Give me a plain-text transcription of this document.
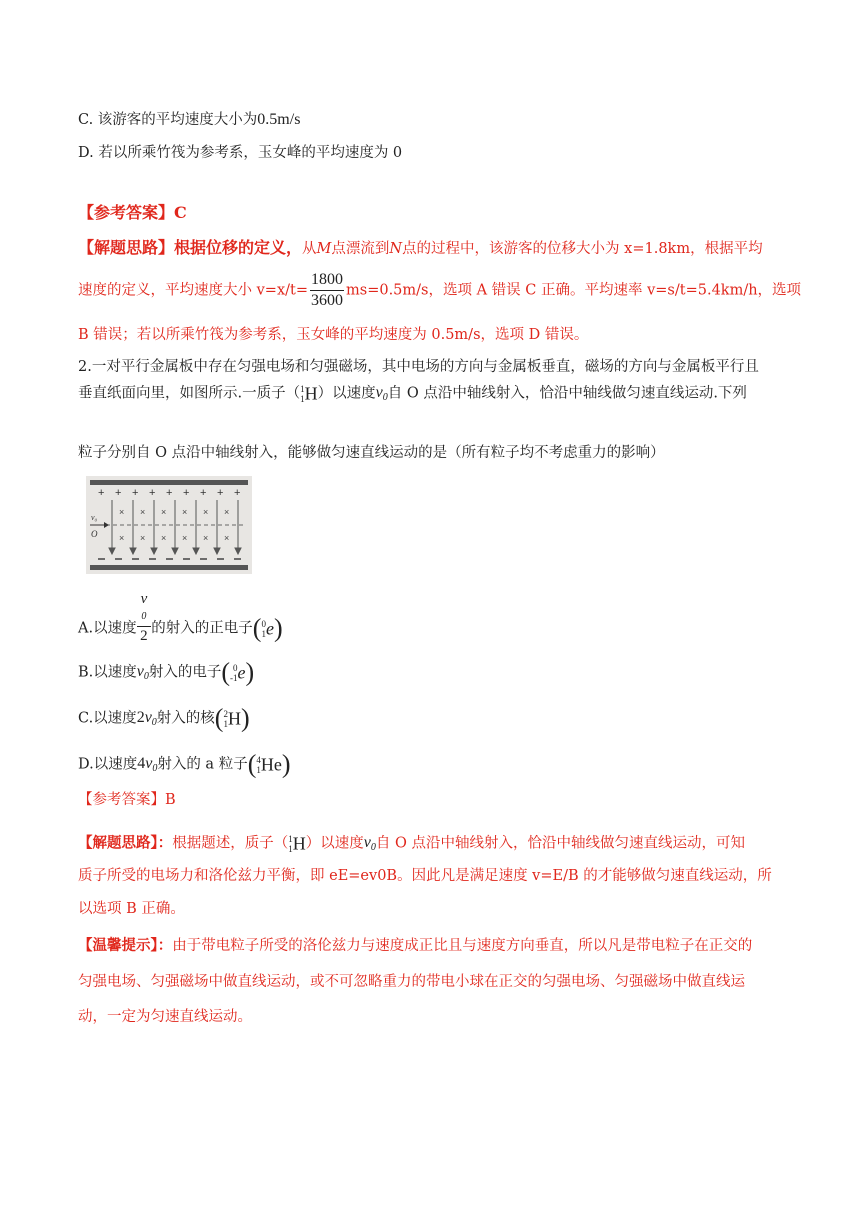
C. 该游客的平均速度大小为0.5m/s
D. 若以所乘竹筏为参考系，玉女峰的平均速度为 0
【参考答案】C
【解题思路】根据位移的定义，从M点漂流到N点的过程中，该游客的位移大小为 x=1.8km，根据平均
速度的定义，平均速度大小 $v=x/t= \frac{1800}{3600} ms=0.5m/s$，选项 A 错误 C 正确。平均速率 v=s/t=5.4km/h，选项
B 错误；若以所乘竹筏为参考系，玉女峰的平均速度为 0.5m/s，选项 D 错误。
2.一对平行金属板中存在匀强电场和匀强磁场，其中电场的方向与金属板垂直，磁场的方向与金属板平行且
垂直纸面向里，如图所示.一质子（1
1H）以速度$v_0$自 O 点沿中轴线射入，恰沿中轴线做匀速直线运动.下列
粒子分别自 O 点沿中轴线射入，能够做匀速直线运动的是（所有粒子均不考虑重力的影响）
+ + + + + + + + +
× × × × × ×
× × × × × ×
v₀
O
A.以速度 v
0
2 的射入的正电子(0
1e)
B.以速度$v_0$射入的电子( 0
-1e)
C.以速度$2v_0$射入的核(2
1H)
D.以速度$4v_0$射入的 a 粒子(4
1He)
【参考答案】B
【解题思路】：根据题述，质子（1
1H）以速度$v_0$自 O 点沿中轴线射入，恰沿中轴线做匀速直线运动，可知
质子所受的电场力和洛伦兹力平衡，即 eE=ev0B。因此凡是满足速度 v=E/B 的才能够做匀速直线运动，所
以选项 B 正确。
【温馨提示】：由于带电粒子所受的洛伦兹力与速度成正比且与速度方向垂直，所以凡是带电粒子在正交的
匀强电场、匀强磁场中做直线运动，或不可忽略重力的带电小球在正交的匀强电场、匀强磁场中做直线运
动，一定为匀速直线运动。
